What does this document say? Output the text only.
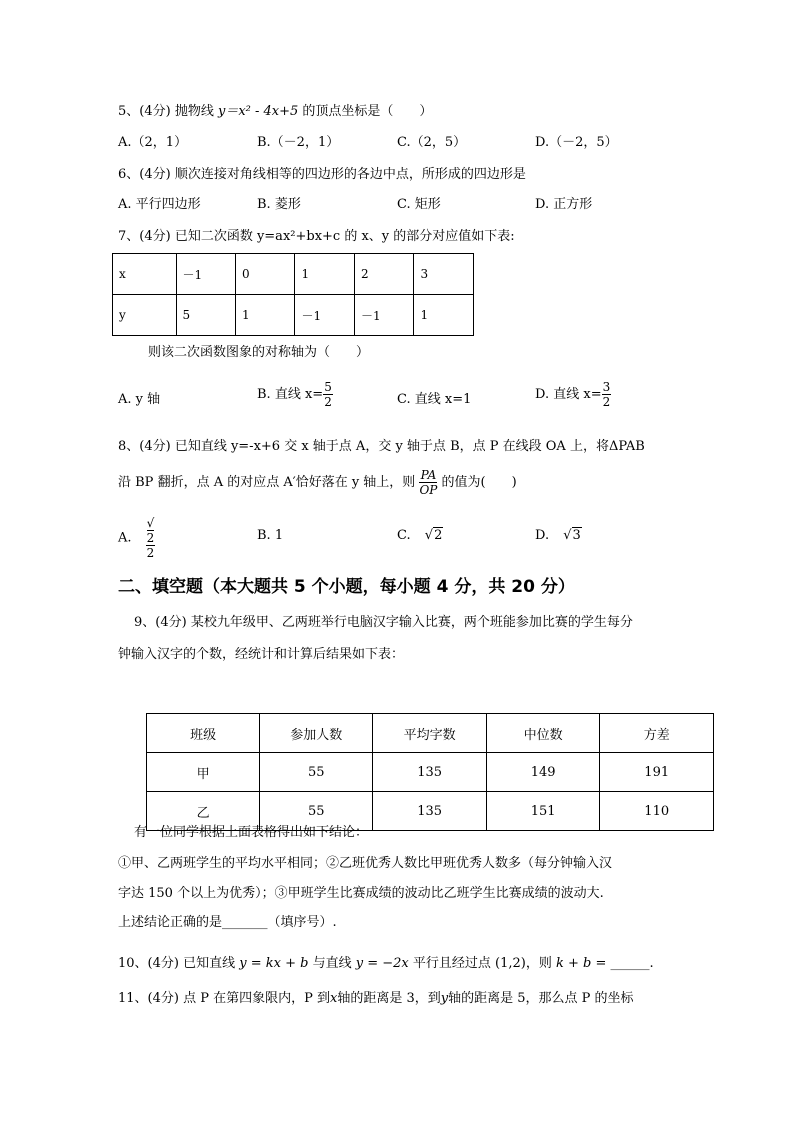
5、(4分) 抛物线 y＝x² - 4x+5 的顶点坐标是（　　）
A.（2，1）	B.（－2，1）	C.（2，5）	D.（－2，5）
6、(4分) 顺次连接对角线相等的四边形的各边中点，所形成的四边形是
A. 平行四边形	B. 菱形	C. 矩形	D. 正方形
7、(4分) 已知二次函数 y=ax²+bx+c 的 x、y 的部分对应值如下表:
x	－1	0	1	2	3
y	5	1	－1	－1	1
则该二次函数图象的对称轴为（　　）
A. y 轴	B. 直线 $x= \frac{5}{2}$	C. 直线 x=1	D. 直线 $x= \frac{3}{2}$
8、(4分) 已知直线 y=-x+6 交 x 轴于点 A，交 y 轴于点 B，点 P 在线段 OA 上，将ΔPAB
沿 BP 翻折，点 A 的对应点 A′恰好落在 y 轴上，则 $\frac{PA}{OP}$ 的值为(　　)
A. √
2
2	B. 1	C. √2	D. √3
二、填空题（本大题共 5 个小题，每小题 4 分，共 20 分）
9、(4分) 某校九年级甲、乙两班举行电脑汉字输入比赛，两个班能参加比赛的学生每分
钟输入汉字的个数，经统计和计算后结果如下表：
班级	参加人数	平均字数	中位数	方差
甲	55	135	149	191
乙	55	135	151	110
有一位同学根据上面表格得出如下结论：
①甲、乙两班学生的平均水平相同；②乙班优秀人数比甲班优秀人数多（每分钟输入汉
字达 150 个以上为优秀）；③甲班学生比赛成绩的波动比乙班学生比赛成绩的波动大.
上述结论正确的是_______（填序号）.
10、(4分) 已知直线 y = kx + b 与直线 y = −2x 平行且经过点 (1,2)，则 k + b = ______.
11、(4分) 点 P 在第四象限内，P 到x轴的距离是 3，到y轴的距离是 5，那么点 P 的坐标
